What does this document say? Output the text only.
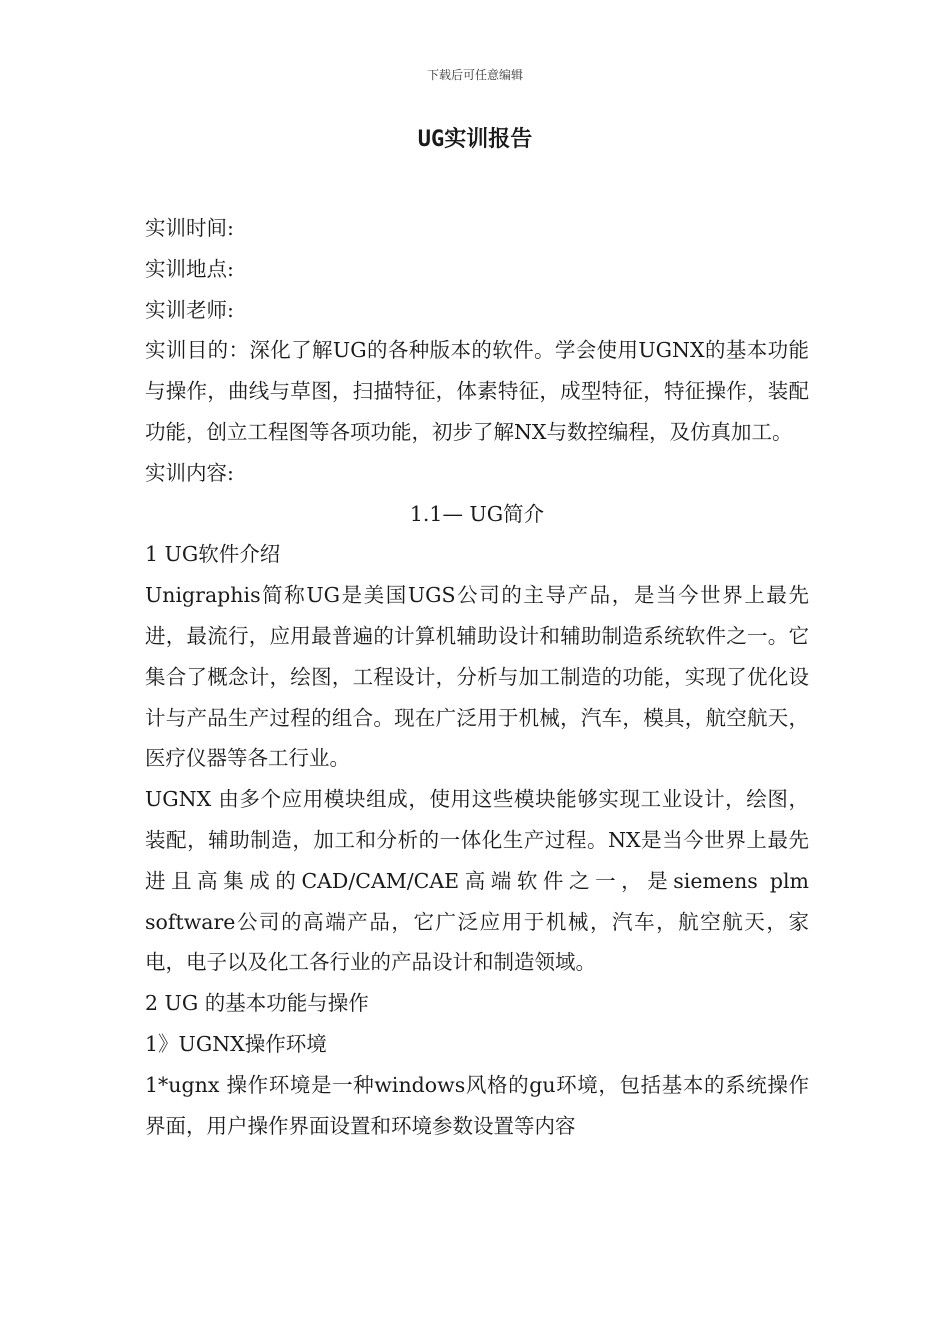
下载后可任意编辑
UG实训报告

实训时间:

实训地点:

实训老师:

实训目的：深化了解UG的各种版本的软件。学会使用UGNX的基本功能与操作，曲线与草图，扫描特征，体素特征，成型特征，特征操作，装配功能，创立工程图等各项功能，初步了解NX与数控编程，及仿真加工。

实训内容:

1.1— UG简介

1 UG软件介绍

Unigraphis简称UG是美国UGS公司的主导产品，是当今世界上最先进，最流行，应用最普遍的计算机辅助设计和辅助制造系统软件之一。它集合了概念计，绘图，工程设计，分析与加工制造的功能，实现了优化设计与产品生产过程的组合。现在广泛用于机械，汽车，模具，航空航天，医疗仪器等各工行业。

UGNX 由多个应用模块组成，使用这些模块能够实现工业设计，绘图， 装配，辅助制造，加工和分析的一体化生产过程。NX是当今世界上最先进且高集成的CAD/CAM/CAE高端软件之一，是siemens plm software公司的高端产品，它广泛应用于机械，汽车，航空航天，家电，电子以及化工各行业的产品设计和制造领域。

2 UG 的基本功能与操作

1》UGNX操作环境

1*ugnx 操作环境是一种windows风格的gu环境，包括基本的系统操作界面，用户操作界面设置和环境参数设置等内容
